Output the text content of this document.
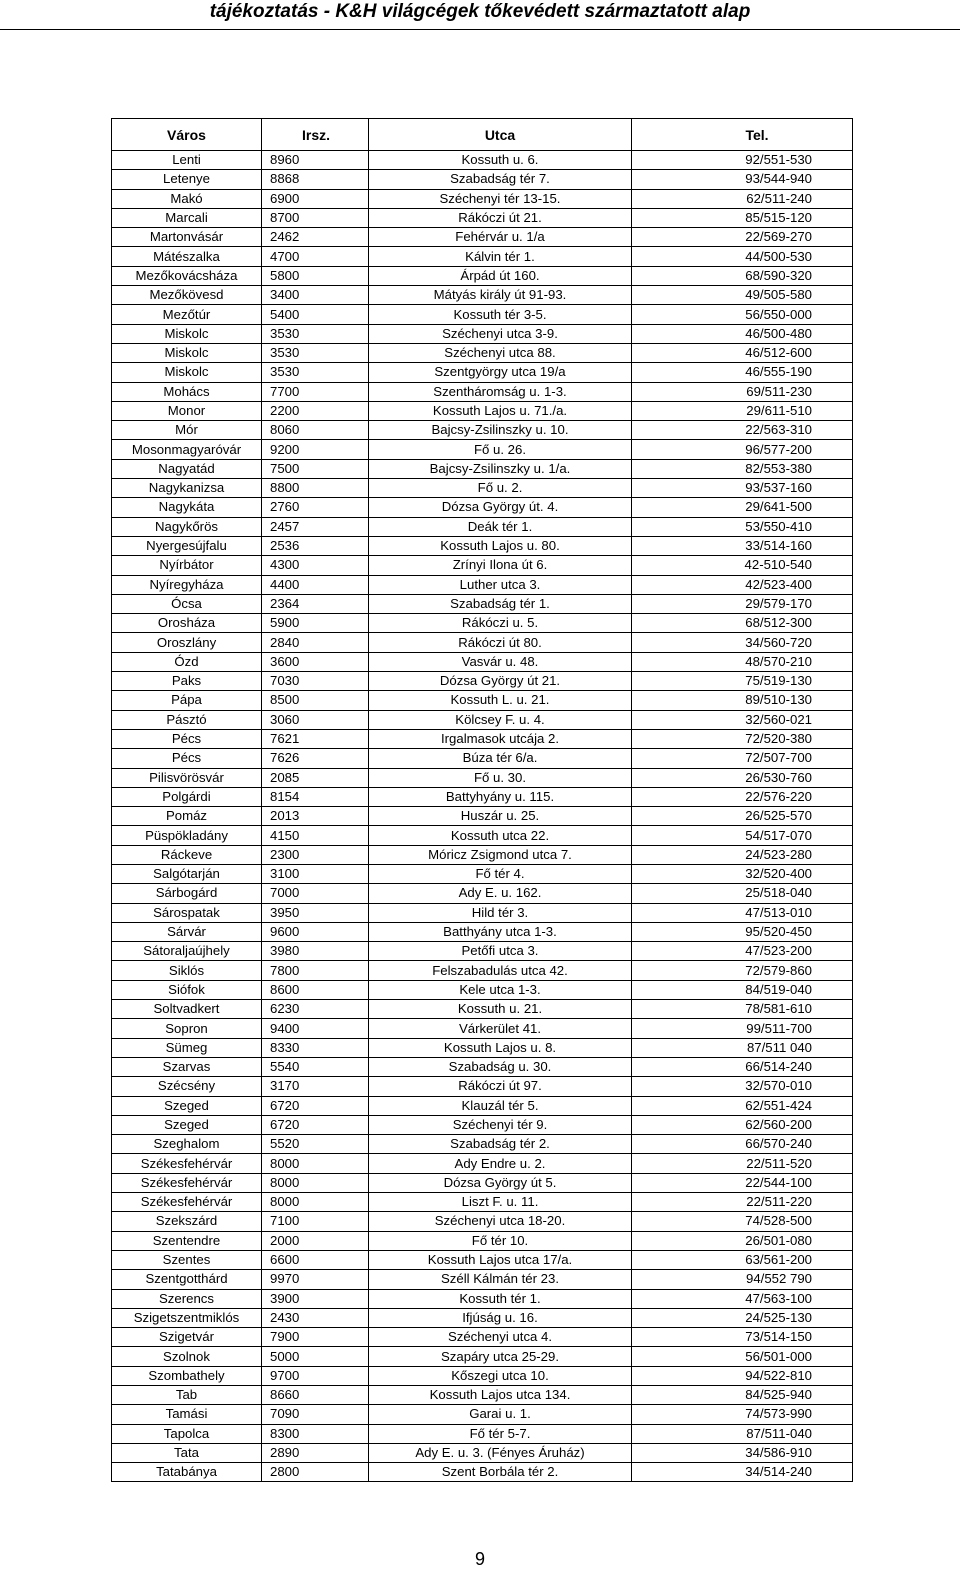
tájékoztatás - K&H világcégek tőkevédett származtatott alap
Város	Irsz.	Utca	Tel.
Lenti	8960	Kossuth u. 6.	92/551-530
Letenye	8868	Szabadság tér 7.	93/544-940
Makó	6900	Széchenyi tér 13-15.	62/511-240
Marcali	8700	Rákóczi út 21.	85/515-120
Martonvásár	2462	Fehérvár u. 1/a	22/569-270
Mátészalka	4700	Kálvin tér 1.	44/500-530
Mezőkovácsháza	5800	Árpád út 160.	68/590-320
Mezőkövesd	3400	Mátyás király út 91-93.	49/505-580
Mezőtúr	5400	Kossuth tér 3-5.	56/550-000
Miskolc	3530	Széchenyi utca 3-9.	46/500-480
Miskolc	3530	Széchenyi utca 88.	46/512-600
Miskolc	3530	Szentgyörgy utca 19/a	46/555-190
Mohács	7700	Szentháromság u. 1-3.	69/511-230
Monor	2200	Kossuth Lajos u. 71./a.	29/611-510
Mór	8060	Bajcsy-Zsilinszky u. 10.	22/563-310
Mosonmagyaróvár	9200	Fő u. 26.	96/577-200
Nagyatád	7500	Bajcsy-Zsilinszky u. 1/a.	82/553-380
Nagykanizsa	8800	Fő u. 2.	93/537-160
Nagykáta	2760	Dózsa György út. 4.	29/641-500
Nagykőrös	2457	Deák tér 1.	53/550-410
Nyergesújfalu	2536	Kossuth Lajos u. 80.	33/514-160
Nyírbátor	4300	Zrínyi Ilona út 6.	42-510-540
Nyíregyháza	4400	Luther utca 3.	42/523-400
Ócsa	2364	Szabadság tér 1.	29/579-170
Orosháza	5900	Rákóczi u. 5.	68/512-300
Oroszlány	2840	Rákóczi út 80.	34/560-720
Ózd	3600	Vasvár u. 48.	48/570-210
Paks	7030	Dózsa György út 21.	75/519-130
Pápa	8500	Kossuth L. u. 21.	89/510-130
Pásztó	3060	Kölcsey F. u. 4.	32/560-021
Pécs	7621	Irgalmasok utcája 2.	72/520-380
Pécs	7626	Búza tér 6/a.	72/507-700
Pilisvörösvár	2085	Fő u. 30.	26/530-760
Polgárdi	8154	Battyhyány u. 115.	22/576-220
Pomáz	2013	Huszár u. 25.	26/525-570
Püspökladány	4150	Kossuth utca 22.	54/517-070
Ráckeve	2300	Móricz Zsigmond utca 7.	24/523-280
Salgótarján	3100	Fő tér 4.	32/520-400
Sárbogárd	7000	Ady E. u. 162.	25/518-040
Sárospatak	3950	Hild tér 3.	47/513-010
Sárvár	9600	Batthyány utca 1-3.	95/520-450
Sátoraljaújhely	3980	Petőfi utca 3.	47/523-200
Siklós	7800	Felszabadulás utca 42.	72/579-860
Siófok	8600	Kele utca 1-3.	84/519-040
Soltvadkert	6230	Kossuth u. 21.	78/581-610
Sopron	9400	Várkerület 41.	99/511-700
Sümeg	8330	Kossuth Lajos u. 8.	87/511 040
Szarvas	5540	Szabadság u. 30.	66/514-240
Szécsény	3170	Rákóczi út 97.	32/570-010
Szeged	6720	Klauzál tér 5.	62/551-424
Szeged	6720	Széchenyi tér 9.	62/560-200
Szeghalom	5520	Szabadság tér 2.	66/570-240
Székesfehérvár	8000	Ady Endre u. 2.	22/511-520
Székesfehérvár	8000	Dózsa György út 5.	22/544-100
Székesfehérvár	8000	Liszt F. u. 11.	22/511-220
Szekszárd	7100	Széchenyi utca 18-20.	74/528-500
Szentendre	2000	Fő tér 10.	26/501-080
Szentes	6600	Kossuth Lajos utca 17/a.	63/561-200
Szentgotthárd	9970	Széll Kálmán tér 23.	94/552 790
Szerencs	3900	Kossuth tér 1.	47/563-100
Szigetszentmiklós	2430	Ifjúság u. 16.	24/525-130
Szigetvár	7900	Széchenyi utca 4.	73/514-150
Szolnok	5000	Szapáry utca 25-29.	56/501-000
Szombathely	9700	Kőszegi utca 10.	94/522-810
Tab	8660	Kossuth Lajos utca 134.	84/525-940
Tamási	7090	Garai u. 1.	74/573-990
Tapolca	8300	Fő tér 5-7.	87/511-040
Tata	2890	Ady E. u. 3. (Fényes Áruház)	34/586-910
Tatabánya	2800	Szent Borbála tér 2.	34/514-240
9
